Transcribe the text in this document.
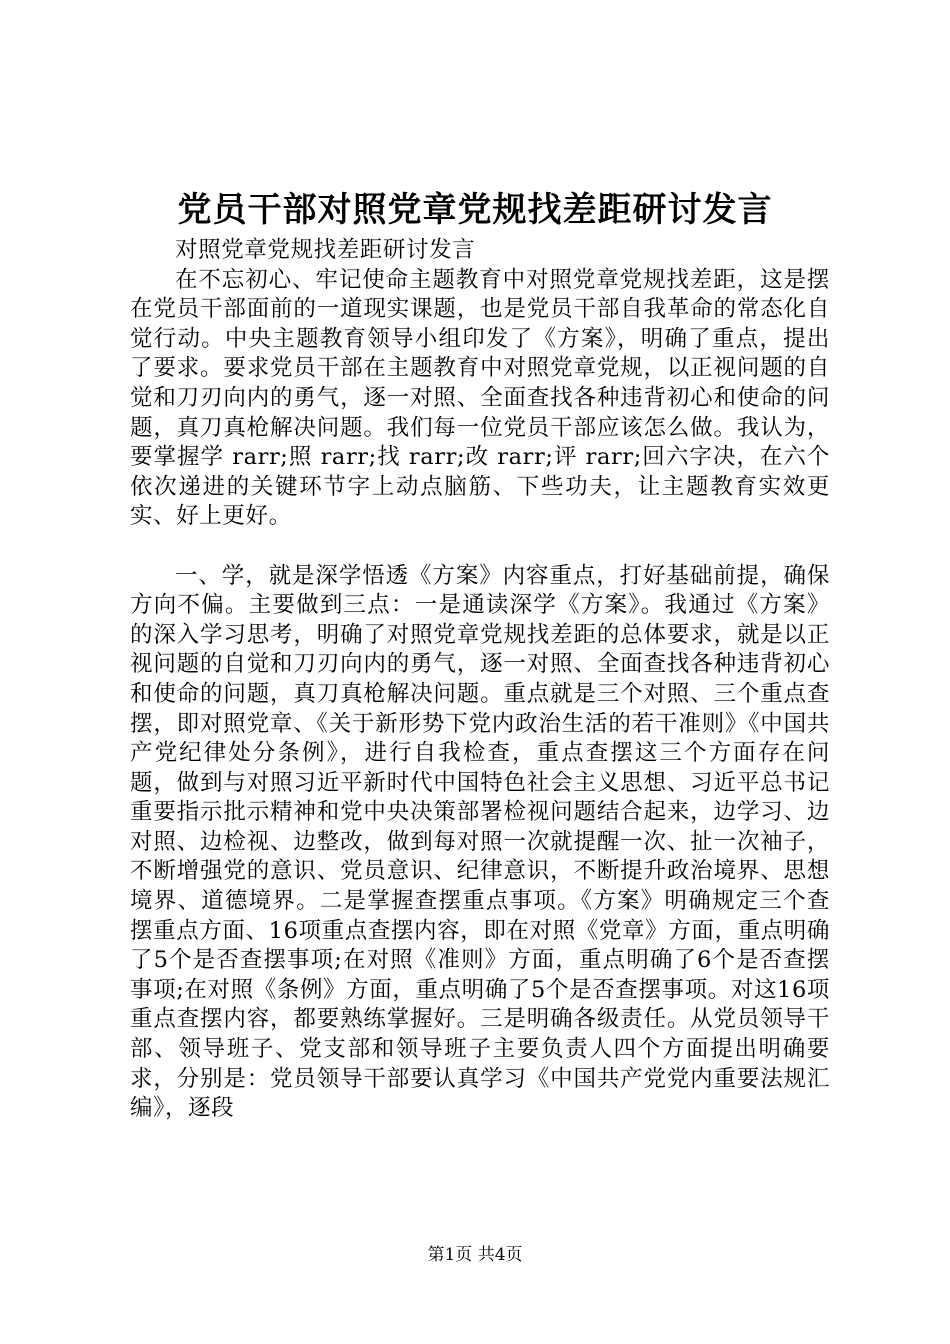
党员干部对照党章党规找差距研讨发言

对照党章党规找差距研讨发言

在不忘初心、牢记使命主题教育中对照党章党规找差距，这是摆在党员干部面前的一道现实课题，也是党员干部自我革命的常态化自觉行动。中央主题教育领导小组印发了《方案》，明确了重点，提出了要求。要求党员干部在主题教育中对照党章党规，以正视问题的自觉和刀刃向内的勇气，逐一对照、全面查找各种违背初心和使命的问题，真刀真枪解决问题。我们每一位党员干部应该怎么做。我认为，要掌握学 rarr;照 rarr;找 rarr;改 rarr;评 rarr;回六字决，在六个依次递进的关键环节字上动点脑筋、下些功夫，让主题教育实效更实、好上更好。

一、学，就是深学悟透《方案》内容重点，打好基础前提，确保方向不偏。主要做到三点：一是通读深学《方案》。我通过《方案》的深入学习思考，明确了对照党章党规找差距的总体要求，就是以正视问题的自觉和刀刃向内的勇气，逐一对照、全面查找各种违背初心和使命的问题，真刀真枪解决问题。重点就是三个对照、三个重点查摆，即对照党章、《关于新形势下党内政治生活的若干准则》《中国共产党纪律处分条例》，进行自我检查，重点查摆这三个方面存在问题，做到与对照习近平新时代中国特色社会主义思想、习近平总书记重要指示批示精神和党中央决策部署检视问题结合起来，边学习、边对照、边检视、边整改，做到每对照一次就提醒一次、扯一次袖子，不断增强党的意识、党员意识、纪律意识，不断提升政治境界、思想境界、道德境界。二是掌握查摆重点事项。《方案》明确规定三个查摆重点方面、16项重点查摆内容，即在对照《党章》方面，重点明确了5个是否查摆事项;在对照《准则》方面，重点明确了6个是否查摆事项;在对照《条例》方面，重点明确了5个是否查摆事项。对这16项重点查摆内容，都要熟练掌握好。三是明确各级责任。从党员领导干部、领导班子、党支部和领导班子主要负责人四个方面提出明确要求，分别是：党员领导干部要认真学习《中国共产党党内重要法规汇编》，逐段

第1页 共4页
